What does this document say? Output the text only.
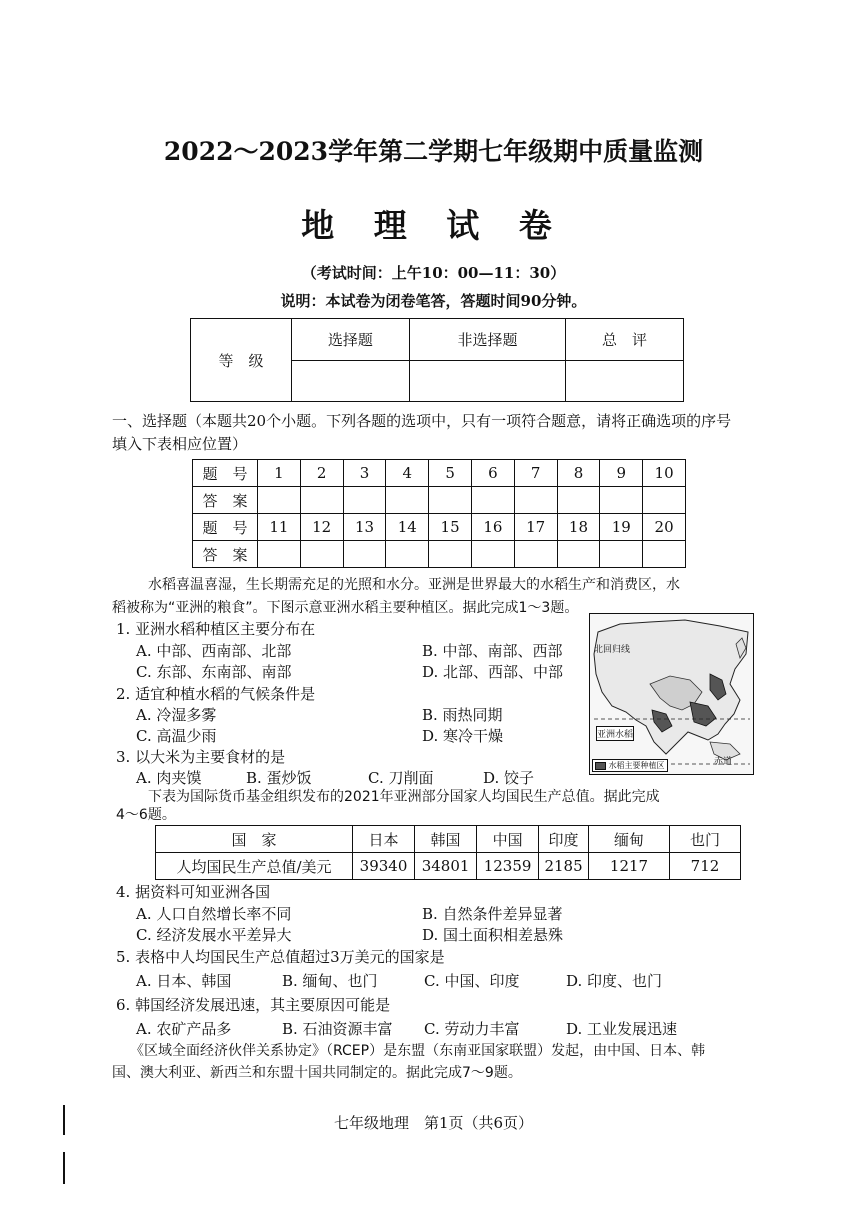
2022～2023学年第二学期七年级期中质量监测
地 理 试 卷
（考试时间：上午10：00—11：30）
说明：本试卷为闭卷笔答，答题时间90分钟。
等　级	选择题	非选择题	总　评

一、选择题（本题共20个小题。下列各题的选项中，只有一项符合题意，请将正确选项的序号
填入下表相应位置）
题　号	1	2	3	4	5	6	7	8	9	10
答　案										
题　号	11	12	13	14	15	16	17	18	19	20
答　案										
水稻喜温喜湿，生长期需充足的光照和水分。亚洲是世界最大的水稻生产和消费区，水
稻被称为“亚洲的粮食”。下图示意亚洲水稻主要种植区。据此完成1～3题。
北回归线
亚洲水稻
赤道
水稻主要种植区
1. 亚洲水稻种植区主要分布在
A. 中部、西南部、北部	B. 中部、南部、西部
C. 东部、东南部、南部	D. 北部、西部、中部
2. 适宜种植水稻的气候条件是
A. 冷湿多雾	B. 雨热同期
C. 高温少雨	D. 寒冷干燥
3. 以大米为主要食材的是
A. 肉夹馍	B. 蛋炒饭	C. 刀削面	D. 饺子
下表为国际货币基金组织发布的2021年亚洲部分国家人均国民生产总值。据此完成
4～6题。
国　家	日本	韩国	中国	印度	缅甸	也门
人均国民生产总值/美元	39340	34801	12359	2185	1217	712
4. 据资料可知亚洲各国
A. 人口自然增长率不同	B. 自然条件差异显著
C. 经济发展水平差异大	D. 国土面积相差悬殊
5. 表格中人均国民生产总值超过3万美元的国家是
A. 日本、韩国	B. 缅甸、也门	C. 中国、印度	D. 印度、也门
6. 韩国经济发展迅速，其主要原因可能是
A. 农矿产品多	B. 石油资源丰富 C. 劳动力丰富	D. 工业发展迅速
《区域全面经济伙伴关系协定》（RCEP）是东盟（东南亚国家联盟）发起，由中国、日本、韩
国、澳大利亚、新西兰和东盟十国共同制定的。据此完成7～9题。
七年级地理　第1页（共6页）
